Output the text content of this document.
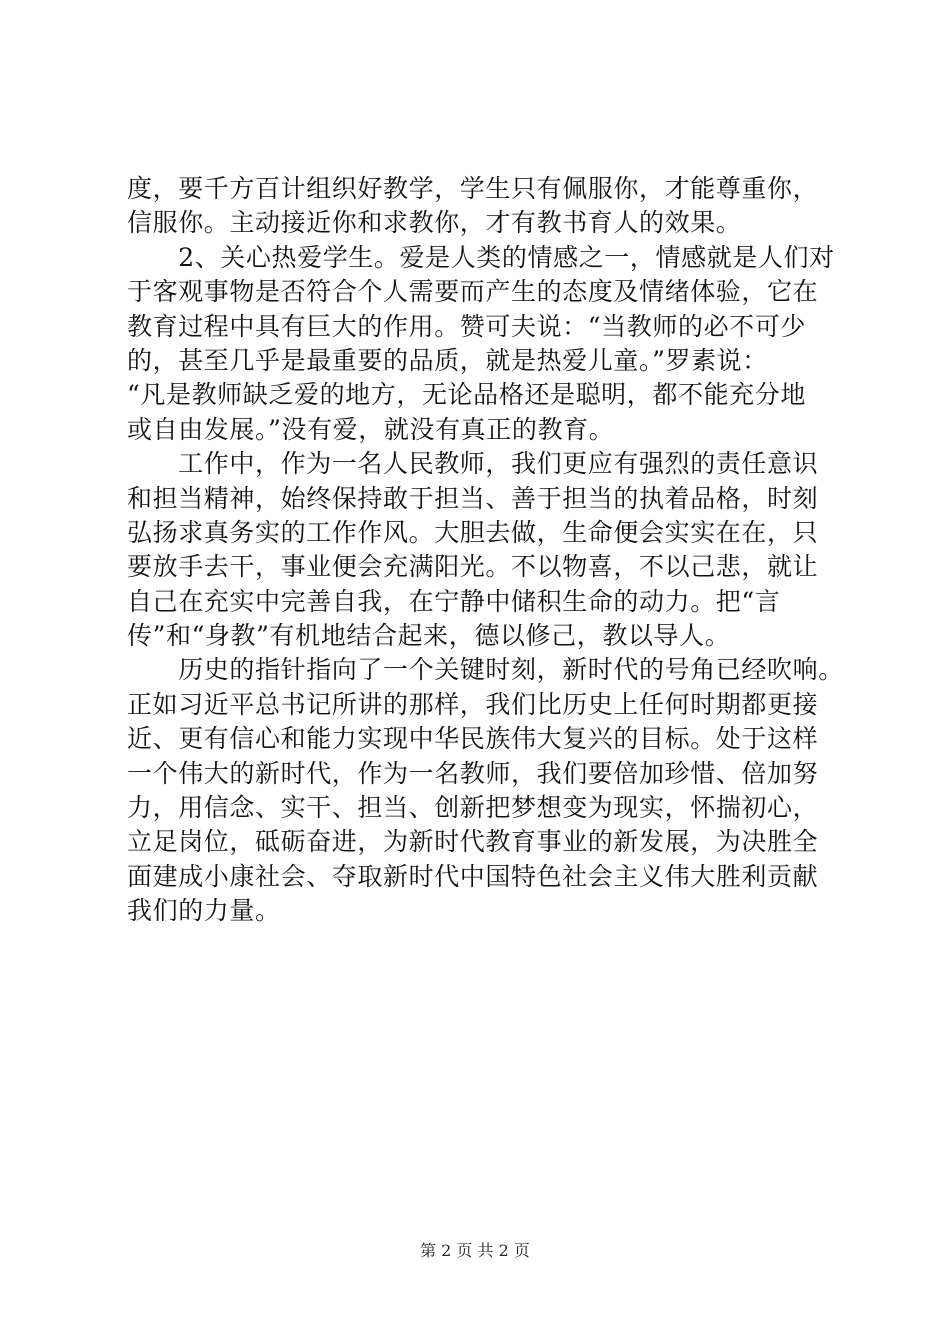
度，要千方百计组织好教学，学生只有佩服你，才能尊重你，
信服你。主动接近你和求教你，才有教书育人的效果。
　　2、关心热爱学生。爱是人类的情感之一，情感就是人们对
于客观事物是否符合个人需要而产生的态度及情绪体验，它在
教育过程中具有巨大的作用。赞可夫说：“当教师的必不可少
的，甚至几乎是最重要的品质，就是热爱儿童。”罗素说：
“凡是教师缺乏爱的地方，无论品格还是聪明，都不能充分地
或自由发展。”没有爱，就没有真正的教育。
　　工作中，作为一名人民教师，我们更应有强烈的责任意识
和担当精神，始终保持敢于担当、善于担当的执着品格，时刻
弘扬求真务实的工作作风。大胆去做，生命便会实实在在，只
要放手去干，事业便会充满阳光。不以物喜，不以己悲，就让
自己在充实中完善自我，在宁静中储积生命的动力。把“言
传”和“身教”有机地结合起来，德以修己，教以导人。
　　历史的指针指向了一个关键时刻，新时代的号角已经吹响。
正如习近平总书记所讲的那样，我们比历史上任何时期都更接
近、更有信心和能力实现中华民族伟大复兴的目标。处于这样
一个伟大的新时代，作为一名教师，我们要倍加珍惜、倍加努
力，用信念、实干、担当、创新把梦想变为现实，怀揣初心，
立足岗位，砥砺奋进，为新时代教育事业的新发展，为决胜全
面建成小康社会、夺取新时代中国特色社会主义伟大胜利贡献
我们的力量。
第 2 页 共 2 页
